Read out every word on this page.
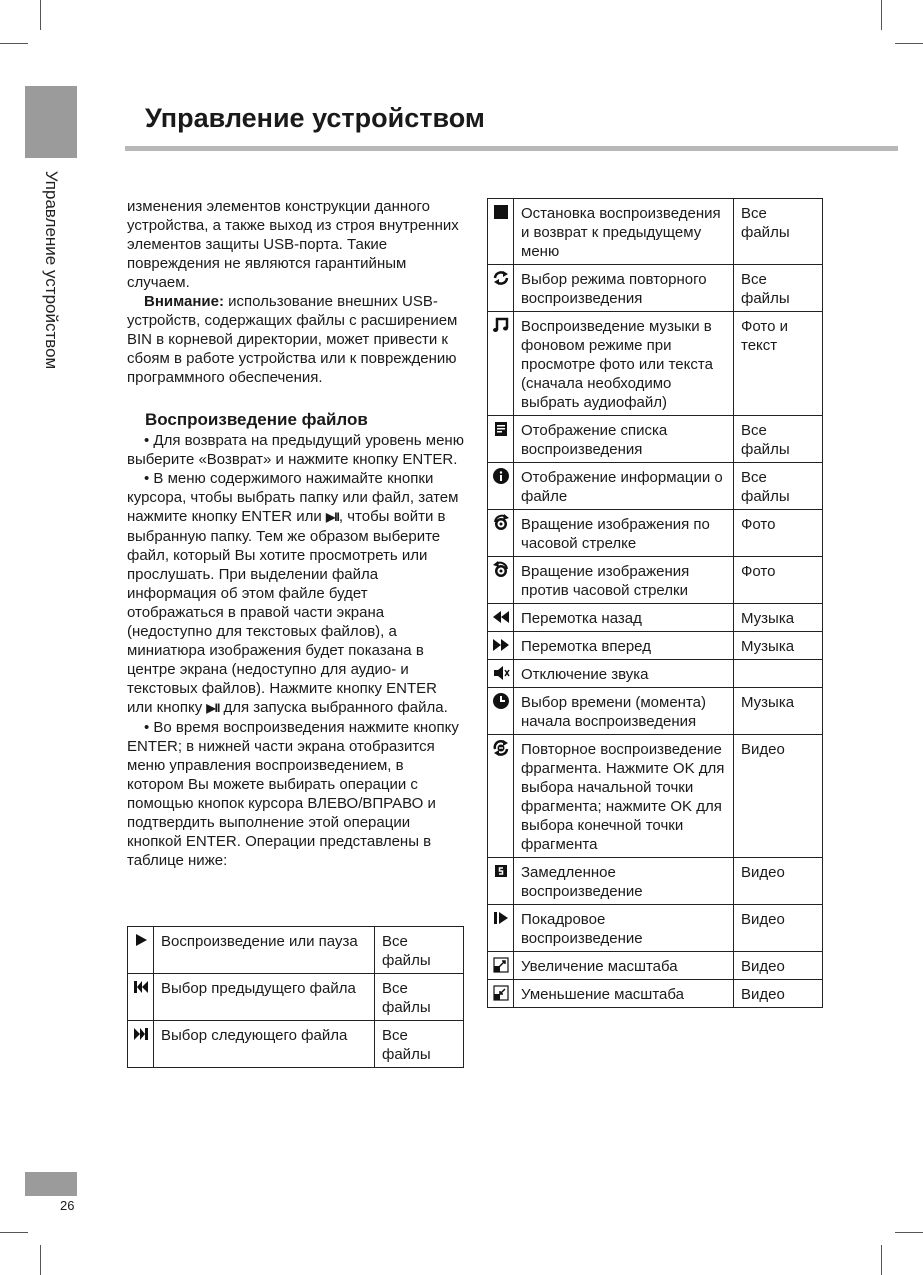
Управление устройством
Управление устройством	изменения элементов конструкции данного устройства, а также выход из строя внутренних элементов защиты USB-порта. Такие повреждения не являются гарантийным случаем.

Внимание: использование внешних USB-устройств, содержащих файлы с расширением BIN в корневой директории, может привести к сбоям в работе устройства или к повреждению программного обеспечения.

Воспроизведение файлов

• Для возврата на предыдущий уровень меню выберите «Возврат» и нажмите кнопку ENTER.

• В меню содержимого нажимайте кнопки курсора, чтобы выбрать папку или файл, затем нажмите кнопку ENTER или ▶II, чтобы войти в выбранную папку. Тем же образом выберите файл, который Вы хотите просмотреть или прослушать. При выделении файла информация об этом файле будет отображаться в правой части экрана (недоступно для текстовых файлов), а миниатюра изображения будет показана в центре экрана (недоступно для аудио- и текстовых файлов). Нажмите кнопку ENTER или кнопку ▶II для запуска выбранного файла.

• Во время воспроизведения нажмите кнопку ENTER; в нижней части экрана отобразится меню управления воспроизведением, в котором Вы можете выбирать операции с помощью кнопок курсора ВЛЕВО/ВПРАВО и подтвердить выполнение этой операции кнопкой ENTER. Операции представлены в таблице ниже:

	Воспроизведение или пауза	Все файлы
	Выбор предыдущего файла	Все файлы
	Выбор следующего файла	Все файлы
	Остановка воспроизведения и возврат к предыдущему меню	Все файлы
	Выбор режима повторного воспроизведения	Все файлы
	Воспроизведение музыки в фоновом режиме при просмотре фото или текста (сначала необходимо выбрать аудиофайл)	Фото и текст
	Отображение списка воспроизведения	Все файлы
	Отображение информации о файле	Все файлы
	Вращение изображения по часовой стрелке	Фото
	Вращение изображения против часовой стрелки	Фото
	Перемотка назад	Музыка
	Перемотка вперед	Музыка
	Отключение звука	
	Выбор времени (момента) начала воспроизведения	Музыка
	Повторное воспроизведение фрагмента. Нажмите OK для выбора начальной точки фрагмента; нажмите OK для выбора конечной точки фрагмента	Видео
	Замедленное воспроизведение	Видео
	Покадровое воспроизведение	Видео
	Увеличение масштаба	Видео
	Уменьшение масштаба	Видео
26
